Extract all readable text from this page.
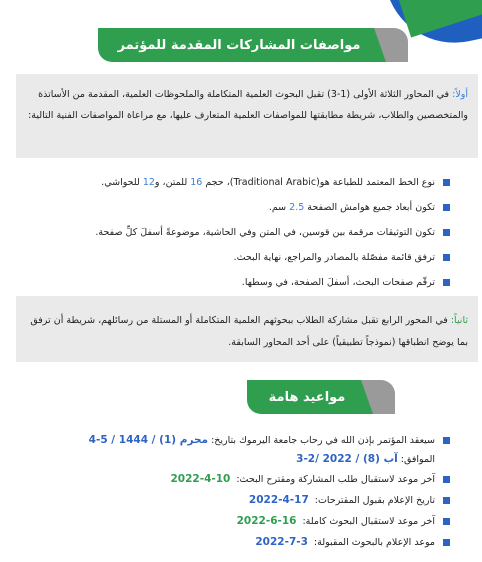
مواصفات المشاركات المقدمة للمؤتمر
أولاً: في المحاور الثلاثة الأولى (1-3) تقبل البحوث العلمية المتكاملة والملحوظات العلمية، المقدمة من الأساتذة والمتخصصين والطلاب، شريطة مطابقتها للمواصفات العلمية المتعارف عليها، مع مراعاة المواصفات الفنية التالية:
نوع الخط المعتمد للطباعة هو(Traditional Arabic)، حجم 16 للمتن، و12 للحواشي.
تكون أبعاد جميع هوامش الصفحة 2.5 سم.
تكون التوثيقات مرقمة بين قوسين، في المتن وفي الحاشية، موضوعةً أسفلَ كلِّ صفحة.
ترفق قائمة مفصّلة بالمصادر والمراجع، نهاية البحث.
ترقّم صفحات البحث، أسفلَ الصفحة، في وسطها.
ثانياً: في المحور الرابع تقبل مشاركة الطلاب ببحوثهم العلمية المتكاملة أو المستلة من رسائلهم، شريطة أن ترفق بما يوضح انطباقها (نموذجاً تطبيقياً) على أحد المحاور السابقة.
مواعيد هامة
سيعقد المؤتمر بإذن الله في رحاب جامعة اليرموك بتاريخ: 4-5 / محرم (1) / 1444
الموافق: 3-2/ آب (8) / 2022
آخر موعد لاستقبال طلب المشاركة ومقترح البحث:
2022-4-10
تاريخ الإعلام بقبول المقترحات:
2022-4-17
آخر موعد لاستقبال البحوث كاملة:
2022-6-16
موعد الإعلام بالبحوث المقبولة:
2022-7-3
